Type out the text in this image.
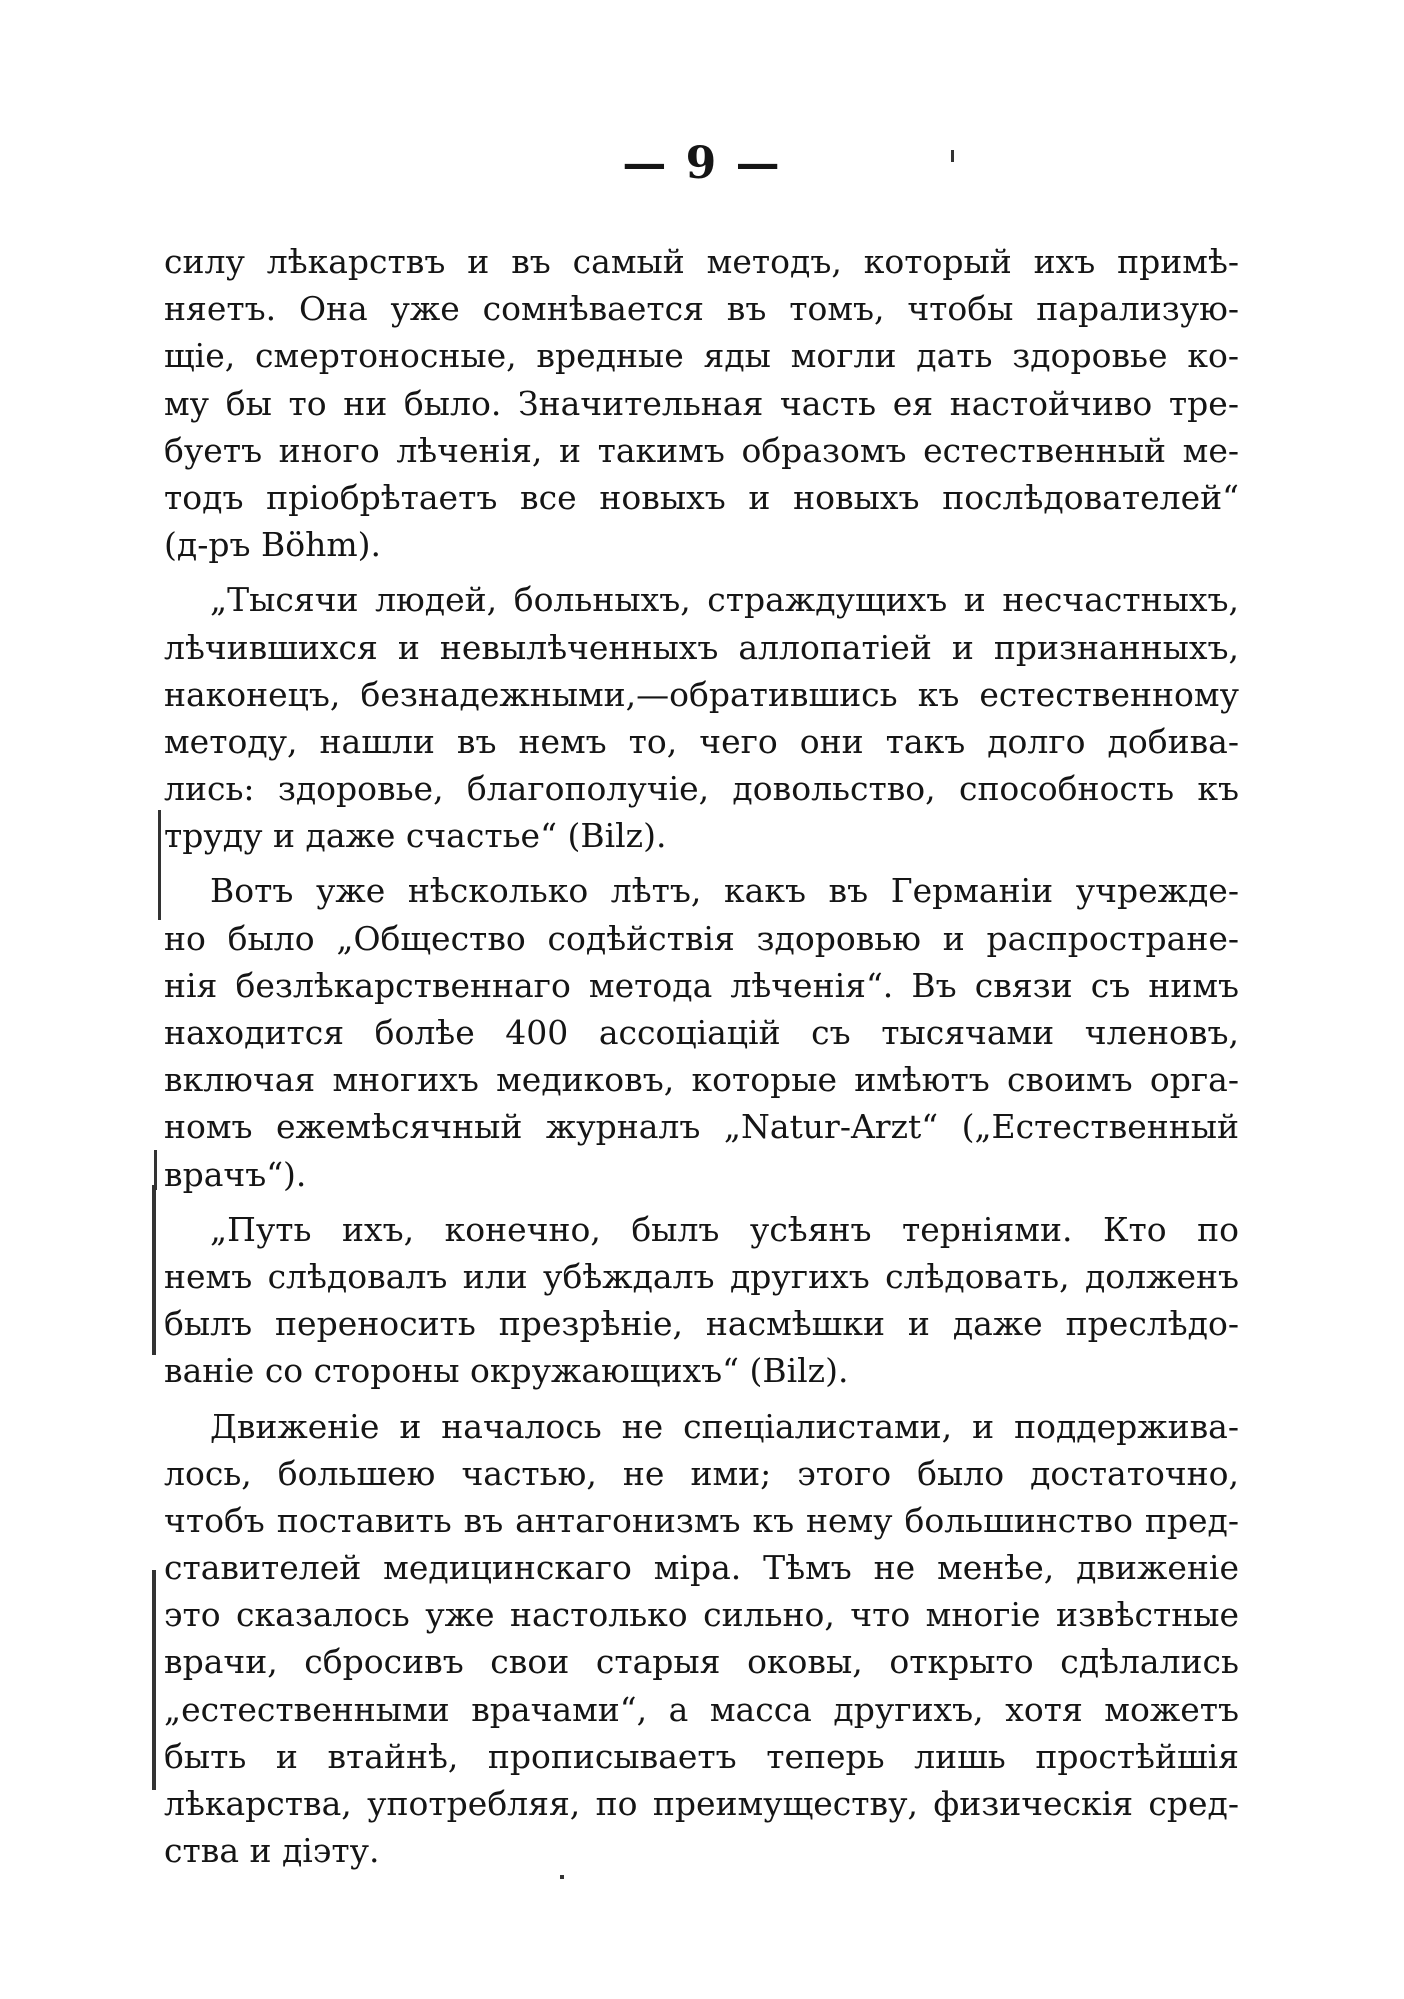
— 9 —
силу лѣкарствъ и въ самый методъ, который ихъ примѣ-
няетъ. Она уже сомнѣвается въ томъ, чтобы парализую-
щіе, смертоносные, вредные яды могли дать здоровье ко-
му бы то ни было. Значительная часть ея настойчиво тре-
буетъ иного лѣченія, и такимъ образомъ естественный ме-
тодъ пріобрѣтаетъ все новыхъ и новыхъ послѣдователей“
(д-ръ Böhm).
„Тысячи людей, больныхъ, страждущихъ и несчастныхъ,
лѣчившихся и невылѣченныхъ аллопатіей и признанныхъ,
наконецъ, безнадежными,—обратившись къ естественному
методу, нашли въ немъ то, чего они такъ долго добива-
лись: здоровье, благополучіе, довольство, способность къ
труду и даже счастье“ (Bilz).
Вотъ уже нѣсколько лѣтъ, какъ въ Германіи учрежде-
но было „Общество содѣйствія здоровью и распростране-
нія безлѣкарственнаго метода лѣченія“. Въ связи съ нимъ
находится болѣе 400 ассоціацій съ тысячами членовъ,
включая многихъ медиковъ, которые имѣютъ своимъ орга-
номъ ежемѣсячный журналъ „Natur-Arzt“ („Естественный
врачъ“).
„Путь ихъ, конечно, былъ усѣянъ терніями. Кто по
немъ слѣдовалъ или убѣждалъ другихъ слѣдовать, долженъ
былъ переносить презрѣніе, насмѣшки и даже преслѣдо-
ваніе со стороны окружающихъ“ (Bilz).
Движеніе и началось не спеціалистами, и поддержива-
лось, большею частью, не ими; этого было достаточно,
чтобъ поставить въ антагонизмъ къ нему большинство пред-
ставителей медицинскаго міра. Тѣмъ не менѣе, движеніе
это сказалось уже настолько сильно, что многіе извѣстные
врачи, сбросивъ свои старыя оковы, открыто сдѣлались
„естественными врачами“, а масса другихъ, хотя можетъ
быть и втайнѣ, прописываетъ теперь лишь простѣйшія
лѣкарства, употребляя, по преимуществу, физическія сред-
ства и діэту.
